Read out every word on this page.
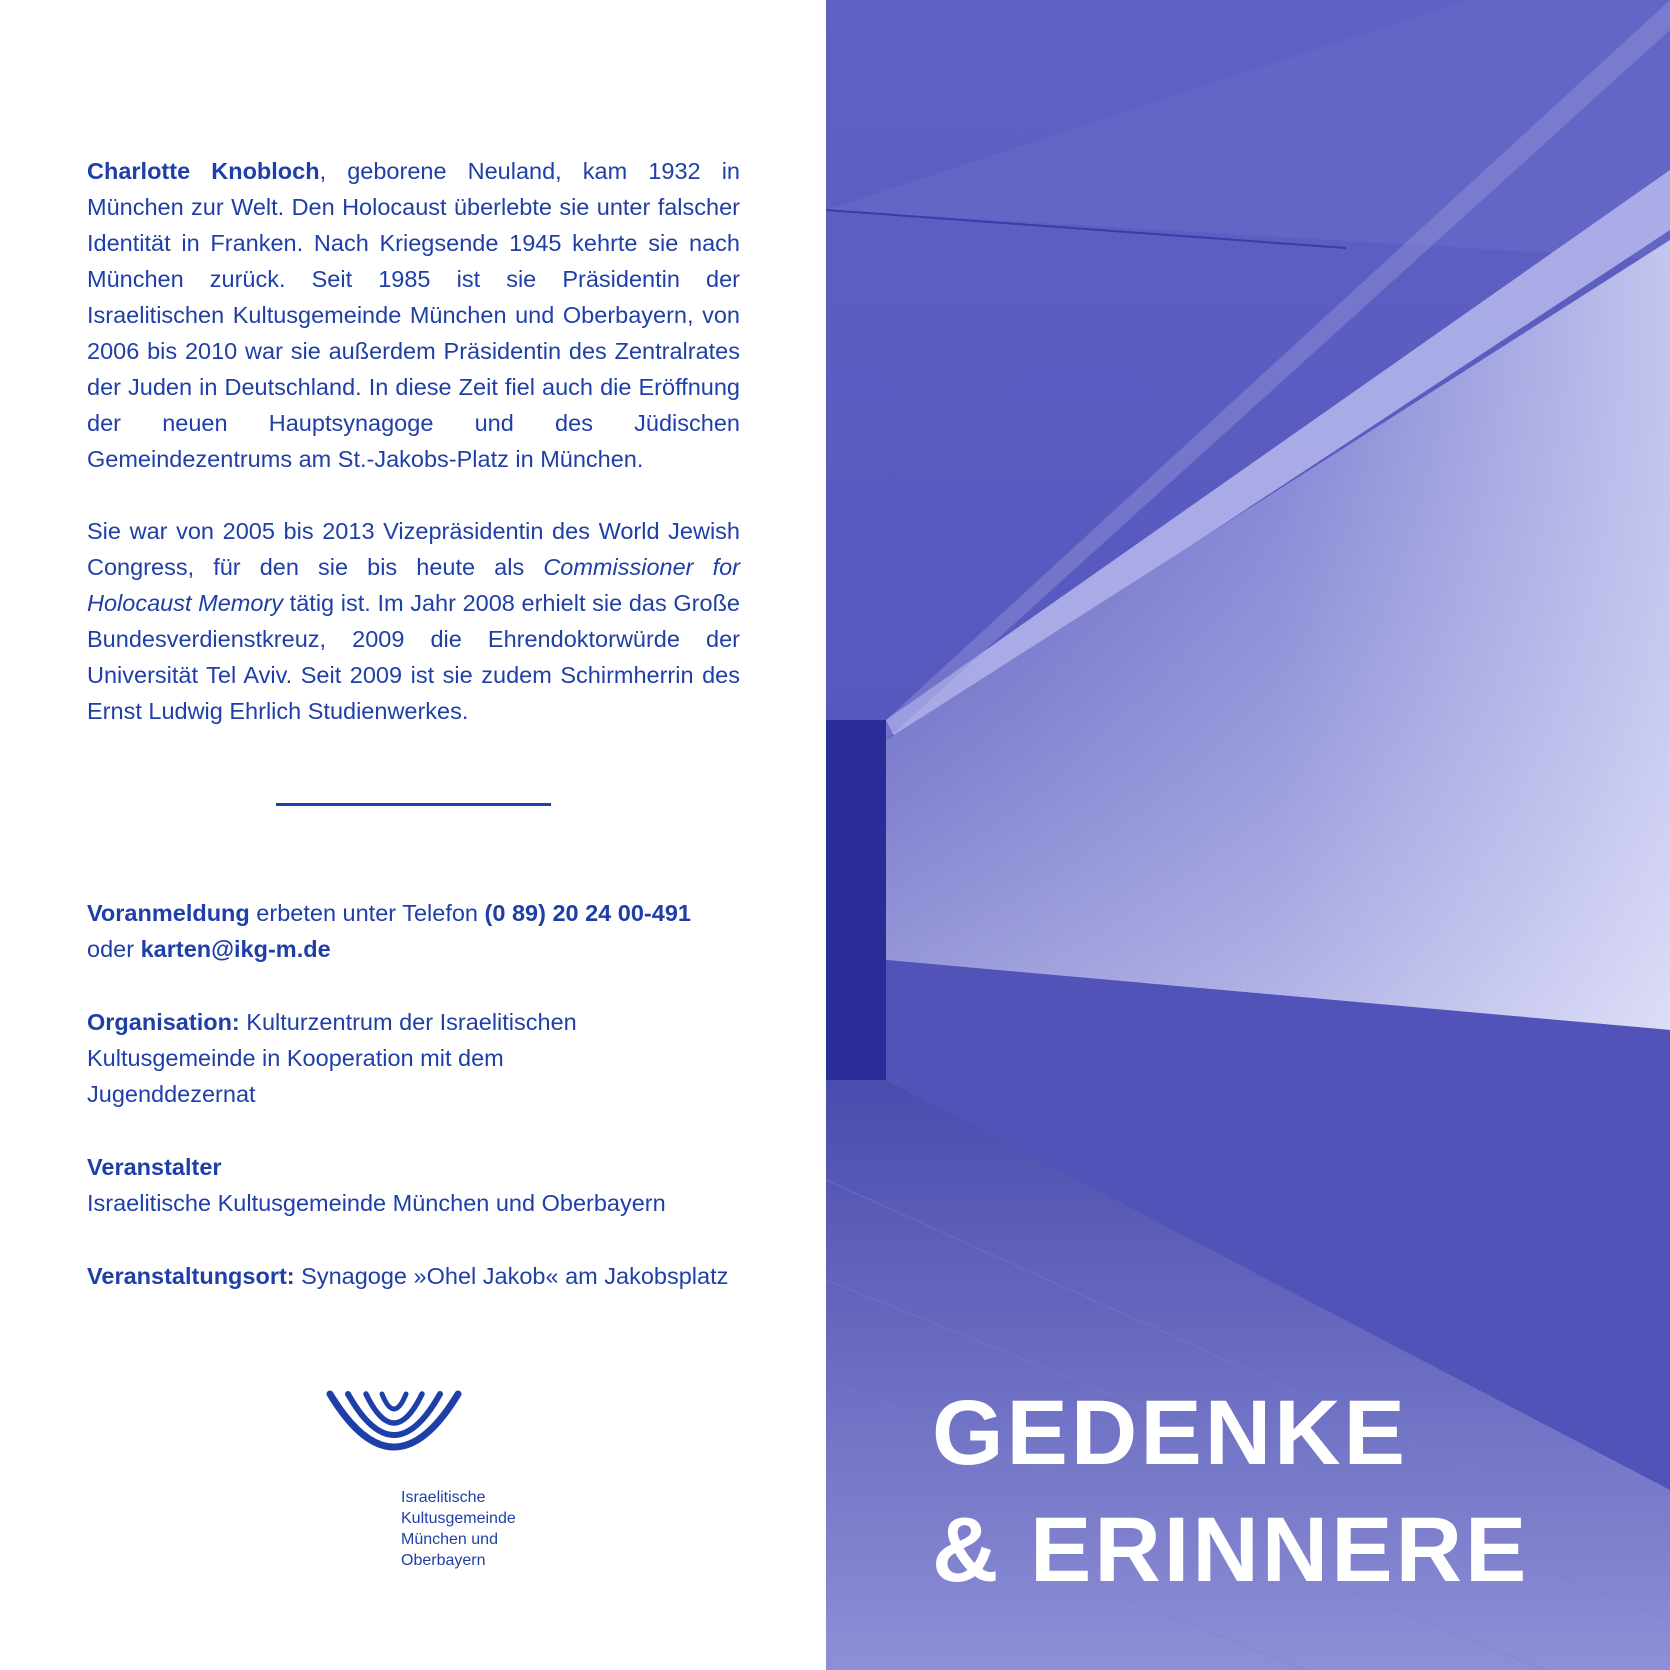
Charlotte Knobloch, geborene Neuland, kam 1932 in München zur Welt. Den Holocaust überlebte sie unter falscher Identität in Franken. Nach Kriegsende 1945 kehrte sie nach München zurück. Seit 1985 ist sie Präsidentin der Israelitischen Kultusgemeinde München und Oberbayern, von 2006 bis 2010 war sie außerdem Präsidentin des Zentralrates der Juden in Deutschland. In diese Zeit fiel auch die Eröffnung der neuen Hauptsynagoge und des Jüdischen Gemeindezentrums am St.-Jakobs-Platz in München.

Sie war von 2005 bis 2013 Vizepräsidentin des World Jewish Congress, für den sie bis heute als Commissioner for Holocaust Memory tätig ist. Im Jahr 2008 erhielt sie das Große Bundesverdienstkreuz, 2009 die Ehrendoktorwürde der Universität Tel Aviv. Seit 2009 ist sie zudem Schirmherrin des Ernst Ludwig Ehrlich Studienwerkes.

Voranmeldung erbeten unter Telefon (0 89) 20 24 00-491
oder karten@ikg-m.de
Organisation: Kulturzentrum der Israelitischen Kultusgemeinde in Kooperation mit dem Jugenddezernat
Veranstalter
Israelitische Kultusgemeinde München und Oberbayern
Veranstaltungsort: Synagoge »Ohel Jakob« am Jakobsplatz
Israelitische
Kultusgemeinde
München und
Oberbayern
GEDENKE
& ERINNERE
